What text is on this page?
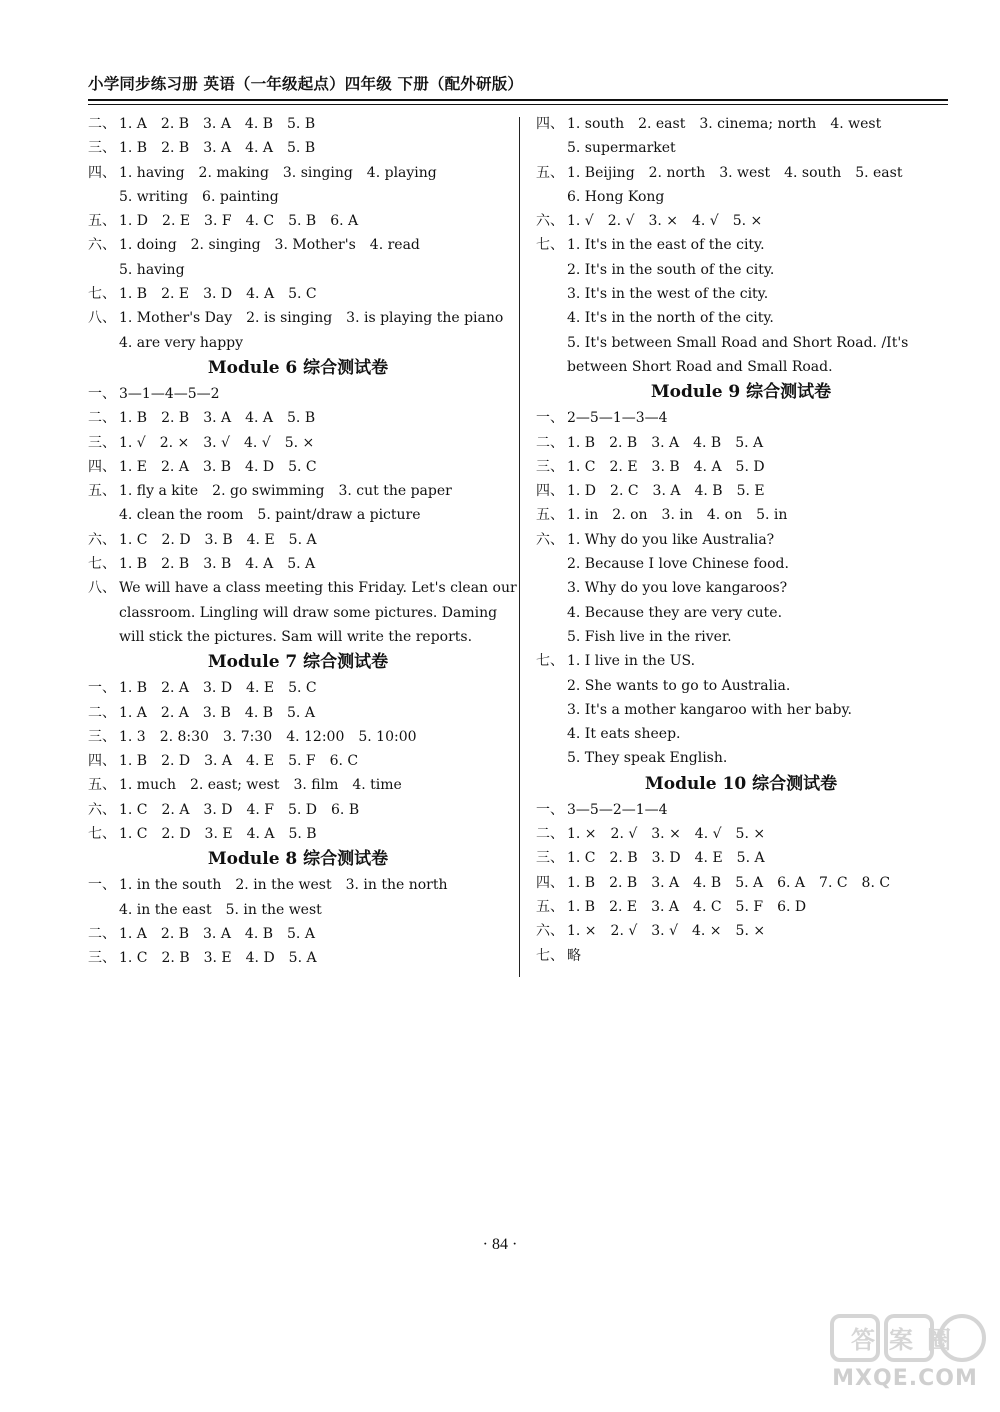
小学同步练习册 英语（一年级起点）四年级 下册（配外研版）
二、 1. A　2. B　3. A　4. B　5. B
三、 1. B　2. B　3. A　4. A　5. B
四、 1. having　2. making　3. singing　4. playing
5. writing　6. painting
五、 1. D　2. E　3. F　4. C　5. B　6. A
六、 1. doing　2. singing　3. Mother's　4. read
5. having
七、 1. B　2. E　3. D　4. A　5. C
八、 1. Mother's Day　2. is singing　3. is playing the piano
4. are very happy
Module 6 综合测试卷
一、 3—1—4—5—2
二、 1. B　2. B　3. A　4. A　5. B
三、 1. √　2. ×　3. √　4. √　5. ×
四、 1. E　2. A　3. B　4. D　5. C
五、 1. fly a kite　2. go swimming　3. cut the paper
4. clean the room　5. paint/draw a picture
六、 1. C　2. D　3. B　4. E　5. A
七、 1. B　2. B　3. B　4. A　5. A
八、 We will have a class meeting this Friday. Let's clean our
classroom. Lingling will draw some pictures. Daming
will stick the pictures. Sam will write the reports.
Module 7 综合测试卷
一、 1. B　2. A　3. D　4. E　5. C
二、 1. A　2. A　3. B　4. B　5. A
三、 1. 3　2. 8:30　3. 7:30　4. 12:00　5. 10:00
四、 1. B　2. D　3. A　4. E　5. F　6. C
五、 1. much　2. east; west　3. film　4. time
六、 1. C　2. A　3. D　4. F　5. D　6. B
七、 1. C　2. D　3. E　4. A　5. B
Module 8 综合测试卷
一、 1. in the south　2. in the west　3. in the north
4. in the east　5. in the west
二、 1. A　2. B　3. A　4. B　5. A
三、 1. C　2. B　3. E　4. D　5. A
四、 1. south　2. east　3. cinema; north　4. west
5. supermarket
五、 1. Beijing　2. north　3. west　4. south　5. east
6. Hong Kong
六、 1. √　2. √　3. ×　4. √　5. ×
七、 1. It's in the east of the city.
2. It's in the south of the city.
3. It's in the west of the city.
4. It's in the north of the city.
5. It's between Small Road and Short Road. /It's
between Short Road and Small Road.
Module 9 综合测试卷
一、 2—5—1—3—4
二、 1. B　2. B　3. A　4. B　5. A
三、 1. C　2. E　3. B　4. A　5. D
四、 1. D　2. C　3. A　4. B　5. E
五、 1. in　2. on　3. in　4. on　5. in
六、 1. Why do you like Australia?
2. Because I love Chinese food.
3. Why do you love kangaroos?
4. Because they are very cute.
5. Fish live in the river.
七、 1. I live in the US.
2. She wants to go to Australia.
3. It's a mother kangaroo with her baby.
4. It eats sheep.
5. They speak English.
Module 10 综合测试卷
一、 3—5—2—1—4
二、 1. ×　2. √　3. ×　4. √　5. ×
三、 1. C　2. B　3. D　4. E　5. A
四、 1. B　2. B　3. A　4. B　5. A　6. A　7. C　8. C
五、 1. B　2. E　3. A　4. C　5. F　6. D
六、 1. ×　2. √　3. √　4. ×　5. ×
七、 略
· 84 ·
答案圈
MXQE.COM
